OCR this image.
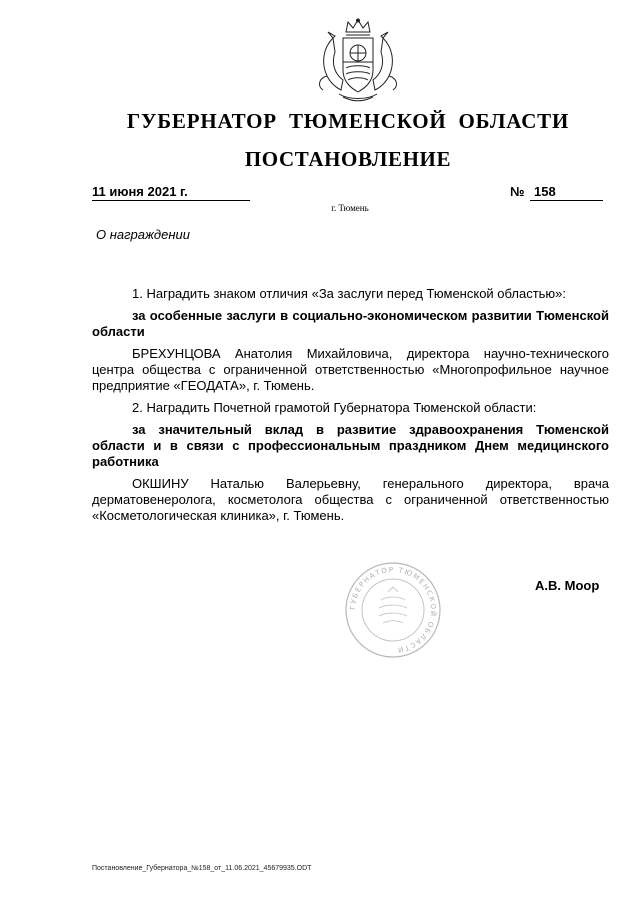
ГУБЕРНАТОР ТЮМЕНСКОЙ ОБЛАСТИ
ПОСТАНОВЛЕНИЕ
11 июня 2021 г.	№ 158
г. Тюмень
О награждении

1. Наградить знаком отличия «За заслуги перед Тюменской областью»:

за особенные заслуги в социально-экономическом развитии Тюменской области

БРЕХУНЦОВА Анатолия Михайловича, директора научно-технического центра общества с ограниченной ответственностью «Многопрофильное научное предприятие «ГЕОДАТА», г. Тюмень.

2. Наградить Почетной грамотой Губернатора Тюменской области:

за значительный вклад в развитие здравоохранения Тюменской области и в связи с профессиональным праздником Днем медицинского работника

ОКШИНУ Наталью Валерьевну, генерального директора, врача дерматовенеролога, косметолога общества с ограниченной ответственностью «Косметологическая клиника», г. Тюмень.

ГУБЕРНАТОР ТЮМЕНСКОЙ ОБЛАСТИ
А.В. Моор
Постановление_Губернатора_№158_от_11.06.2021_45679935.ODT
